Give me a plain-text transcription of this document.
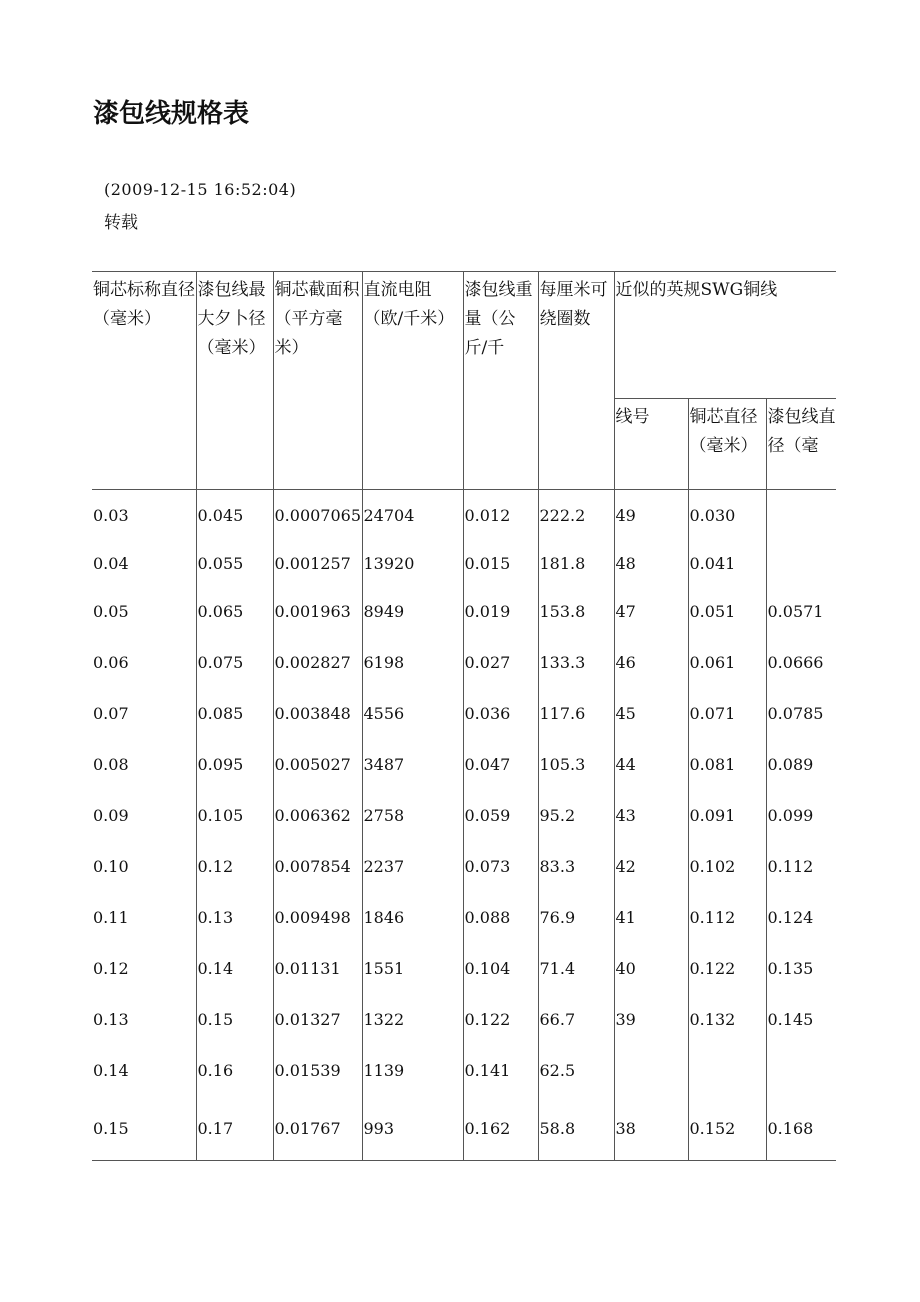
漆包线规格表
(2009-12-15 16:52:04)
转载
铜芯标称直径（毫米）	漆包线最大夕卜径（毫米）	铜芯截面积（平方毫米）	直流电阻（欧/千米）	漆包线重量（公 斤/千	每厘米可绕圈数	近似的英规SWG铜线		
						线号	铜芯直径（毫米）	漆包线直径（毫
0.03	0.045	0.0007065	24704	0.012	222.2	49	0.030	
0.04	0.055	0.001257	13920	0.015	181.8	48	0.041	
0.05	0.065	0.001963	8949	0.019	153.8	47	0.051	0.0571
0.06	0.075	0.002827	6198	0.027	133.3	46	0.061	0.0666
0.07	0.085	0.003848	4556	0.036	117.6	45	0.071	0.0785
0.08	0.095	0.005027	3487	0.047	105.3	44	0.081	0.089
0.09	0.105	0.006362	2758	0.059	95.2	43	0.091	0.099
0.10	0.12	0.007854	2237	0.073	83.3	42	0.102	0.112
0.11	0.13	0.009498	1846	0.088	76.9	41	0.112	0.124
0.12	0.14	0.01131	1551	0.104	71.4	40	0.122	0.135
0.13	0.15	0.01327	1322	0.122	66.7	39	0.132	0.145
0.14	0.16	0.01539	1139	0.141	62.5			
0.15	0.17	0.01767	993	0.162	58.8	38	0.152	0.168
